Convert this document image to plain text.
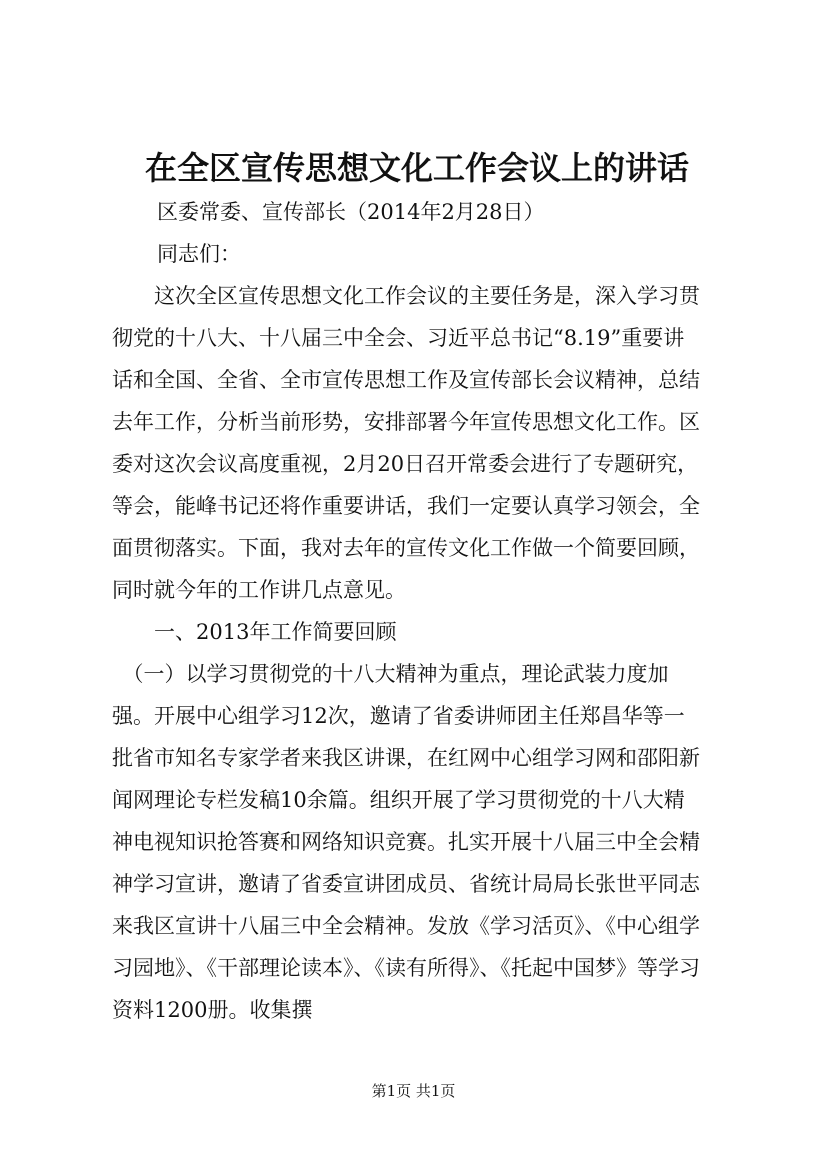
在全区宣传思想文化工作会议上的讲话
区委常委、宣传部长（2014年2月28日）
同志们：
　　这次全区宣传思想文化工作会议的主要任务是，深入学习贯
彻党的十八大、十八届三中全会、习近平总书记“8.19”重要讲
话和全国、全省、全市宣传思想工作及宣传部长会议精神，总结
去年工作，分析当前形势，安排部署今年宣传思想文化工作。区
委对这次会议高度重视，2月20日召开常委会进行了专题研究，
等会，能峰书记还将作重要讲话，我们一定要认真学习领会，全
面贯彻落实。下面，我对去年的宣传文化工作做一个简要回顾，
同时就今年的工作讲几点意见。
　　一、2013年工作简要回顾
　（一）以学习贯彻党的十八大精神为重点，理论武装力度加
强。开展中心组学习12次，邀请了省委讲师团主任郑昌华等一
批省市知名专家学者来我区讲课，在红网中心组学习网和邵阳新
闻网理论专栏发稿10余篇。组织开展了学习贯彻党的十八大精
神电视知识抢答赛和网络知识竞赛。扎实开展十八届三中全会精
神学习宣讲，邀请了省委宣讲团成员、省统计局局长张世平同志
来我区宣讲十八届三中全会精神。发放《学习活页》、《中心组学
习园地》、《干部理论读本》、《读有所得》、《托起中国梦》等学习
资料1200册。收集撰
第1页 共1页
